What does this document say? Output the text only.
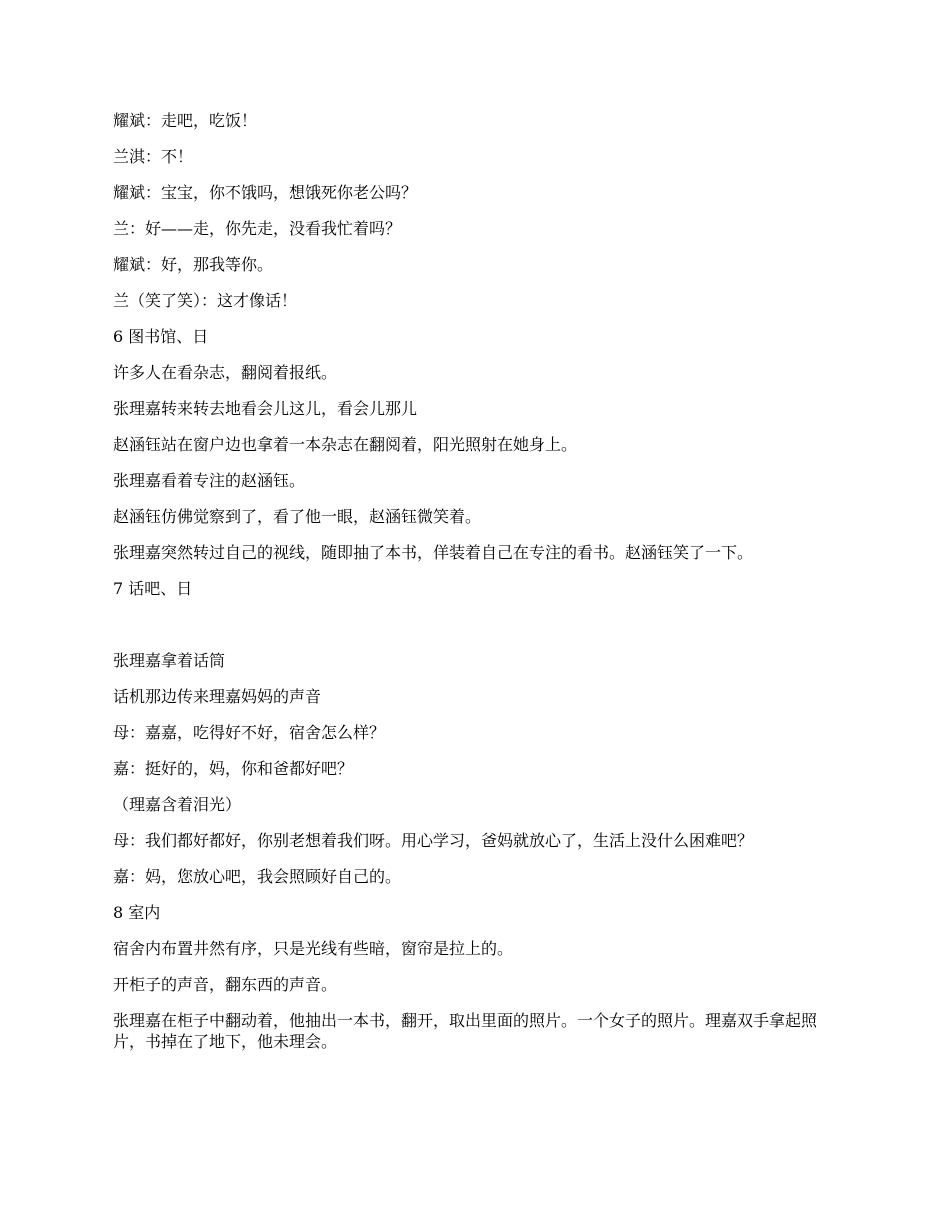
耀斌：走吧，吃饭！

兰淇：不！

耀斌：宝宝，你不饿吗，想饿死你老公吗？

兰：好——走，你先走，没看我忙着吗？

耀斌：好，那我等你。

兰（笑了笑）：这才像话！

6 图书馆、日

许多人在看杂志，翻阅着报纸。

张理嘉转来转去地看会儿这儿，看会儿那儿

赵涵钰站在窗户边也拿着一本杂志在翻阅着，阳光照射在她身上。

张理嘉看着专注的赵涵钰。

赵涵钰仿佛觉察到了，看了他一眼，赵涵钰微笑着。

张理嘉突然转过自己的视线，随即抽了本书，佯装着自己在专注的看书。赵涵钰笑了一下。

7 话吧、日

张理嘉拿着话筒

话机那边传来理嘉妈妈的声音

母：嘉嘉，吃得好不好，宿舍怎么样？

嘉：挺好的，妈，你和爸都好吧？

（理嘉含着泪光）

母：我们都好都好，你别老想着我们呀。用心学习，爸妈就放心了，生活上没什么困难吧？

嘉：妈，您放心吧，我会照顾好自己的。

8 室内

宿舍内布置井然有序，只是光线有些暗，窗帘是拉上的。

开柜子的声音，翻东西的声音。

张理嘉在柜子中翻动着，他抽出一本书，翻开，取出里面的照片。一个女子的照片。理嘉双手拿起照片，书掉在了地下，他未理会。
